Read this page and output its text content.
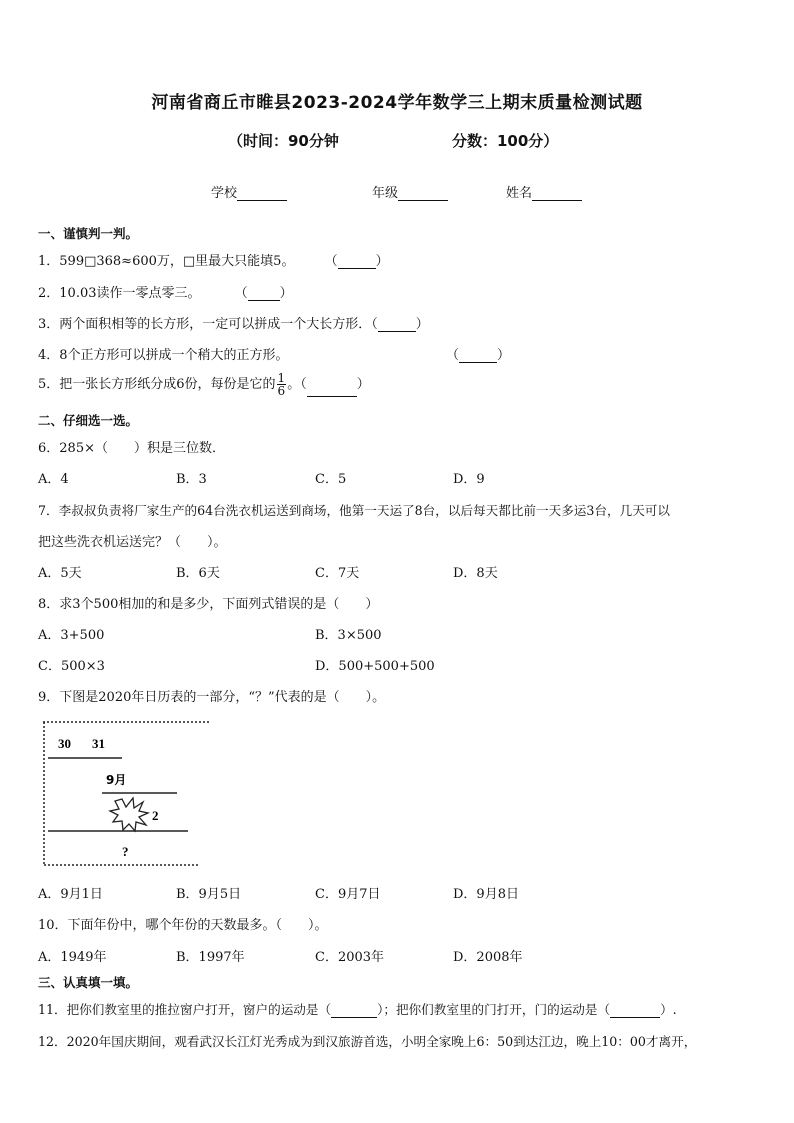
河南省商丘市睢县2023-2024学年数学三上期末质量检测试题
（时间：90分钟	分数：100分）
学校	年级	姓名
一、谨慎判一判。
1．599□368≈600万，□里最大只能填5。 （	）
2．10.03读作一零点零三。	（ ）
3．两个面积相等的长方形，一定可以拼成一个大长方形．（	）
4．8个正方形可以拼成一个稍大的正方形。	（	）
5．把一张长方形纸分成6份，每份是它的 $\frac{1}{6}$ 。（	）
二、仔细选一选。
6．285×（　　）积是三位数．
A．4	B．3	C．5	D．9
7．李叔叔负责将厂家生产的64台洗衣机运送到商场，他第一天运了8台，以后每天都比前一天多运3台，几天可以
把这些洗衣机运送完？（　　）。
A．5天	B．6天	C．7天	D．8天
8．求3个500相加的和是多少，下面列式错误的是（　　）
A．3+500	B．3×500
C．500×3	D．500+500+500
9．下图是2020年日历表的一部分，“？”代表的是（　　）。
30 31
9月
2
?
A．9月1日	B．9月5日	C．9月7日	D．9月8日
10．下面年份中，哪个年份的天数最多。（　　）。
A．1949年	B．1997年	C．2003年	D．2008年
三、认真填一填。
11．把你们教室里的推拉窗户打开，窗户的运动是（	）；把你们教室里的门打开，门的运动是（	）.
12．2020年国庆期间，观看武汉长江灯光秀成为到汉旅游首选，小明全家晚上6：50到达江边，晚上10：00才离开，
